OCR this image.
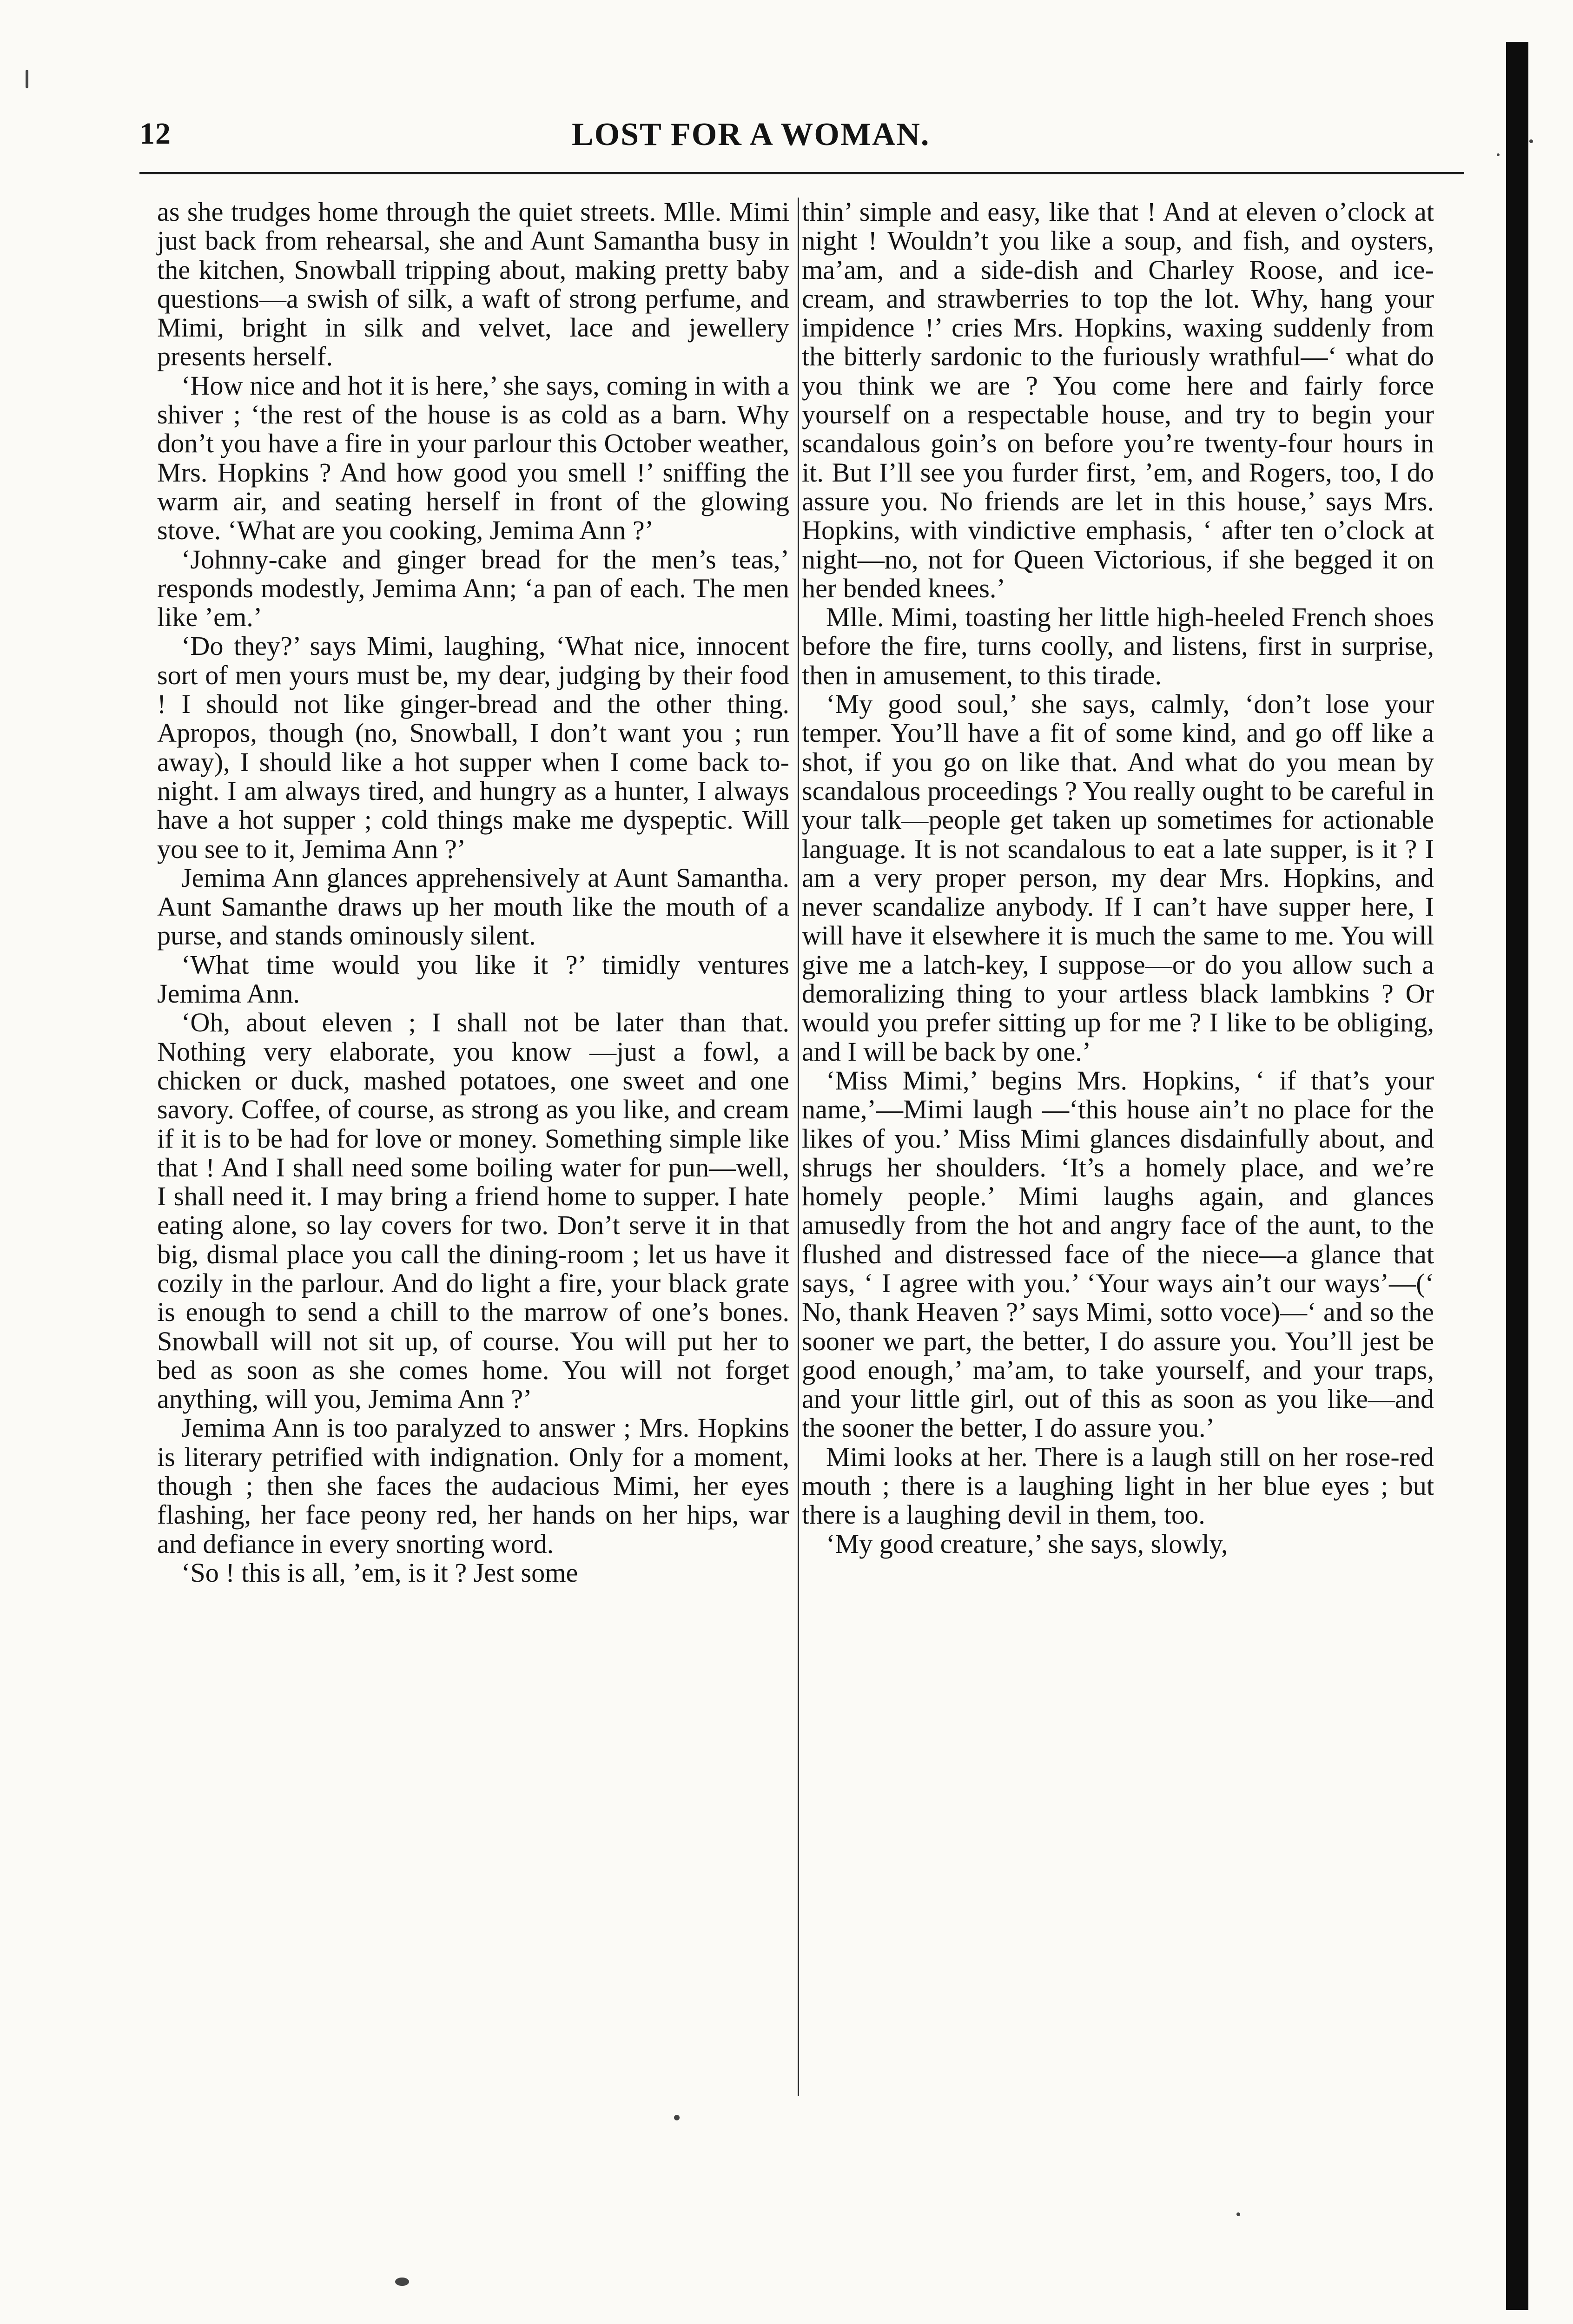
12	LOST FOR A WOMAN.

as she trudges home through the quiet streets. Mlle. Mimi just back from rehearsal, she and Aunt Samantha busy in the kitchen, Snowball tripping about, making pretty baby questions—a swish of silk, a waft of strong perfume, and Mimi, bright in silk and velvet, lace and jewellery presents herself.

‘How nice and hot it is here,’ she says, coming in with a shiver ; ‘the rest of the house is as cold as a barn. Why don’t you have a fire in your parlour this October weather, Mrs. Hopkins ? And how good you smell !’ sniffing the warm air, and seating herself in front of the glowing stove. ‘What are you cooking, Jemima Ann ?’

‘Johnny-cake and ginger bread for the men’s teas,’ responds modestly, Jemima Ann; ‘a pan of each. The men like ’em.’

‘Do they?’ says Mimi, laughing, ‘What nice, innocent sort of men yours must be, my dear, judging by their food ! I should not like ginger-bread and the other thing. Apropos, though (no, Snowball, I don’t want you ; run away), I should like a hot supper when I come back to-night. I am always tired, and hungry as a hunter, I always have a hot supper ; cold things make me dyspeptic. Will you see to it, Jemima Ann ?’

Jemima Ann glances apprehensively at Aunt Samantha. Aunt Samanthe draws up her mouth like the mouth of a purse, and stands ominously silent.

‘What time would you like it ?’ timidly ventures Jemima Ann.

‘Oh, about eleven ; I shall not be later than that. Nothing very elaborate, you know —just a fowl, a chicken or duck, mashed potatoes, one sweet and one savory. Coffee, of course, as strong as you like, and cream if it is to be had for love or money. Something simple like that ! And I shall need some boiling water for pun—well, I shall need it. I may bring a friend home to supper. I hate eating alone, so lay covers for two. Don’t serve it in that big, dismal place you call the dining-room ; let us have it cozily in the parlour. And do light a fire, your black grate is enough to send a chill to the marrow of one’s bones. Snowball will not sit up, of course. You will put her to bed as soon as she comes home. You will not forget anything, will you, Jemima Ann ?’

Jemima Ann is too paralyzed to answer ; Mrs. Hopkins is literary petrified with indignation. Only for a moment, though ; then she faces the audacious Mimi, her eyes flashing, her face peony red, her hands on her hips, war and defiance in every snorting word.

‘So ! this is all, ’em, is it ? Jest some

thin’ simple and easy, like that ! And at eleven o’clock at night ! Wouldn’t you like a soup, and fish, and oysters, ma’am, and a side-dish and Charley Roose, and ice-cream, and strawberries to top the lot. Why, hang your impidence !’ cries Mrs. Hopkins, waxing suddenly from the bitterly sardonic to the furiously wrathful—‘ what do you think we are ? You come here and fairly force yourself on a respectable house, and try to begin your scandalous goin’s on before you’re twenty-four hours in it. But I’ll see you furder first, ’em, and Rogers, too, I do assure you. No friends are let in this house,’ says Mrs. Hopkins, with vindictive emphasis, ‘ after ten o’clock at night—no, not for Queen Victorious, if she begged it on her bended knees.’

Mlle. Mimi, toasting her little high-heeled French shoes before the fire, turns coolly, and listens, first in surprise, then in amusement, to this tirade.

‘My good soul,’ she says, calmly, ‘don’t lose your temper. You’ll have a fit of some kind, and go off like a shot, if you go on like that. And what do you mean by scandalous proceedings ? You really ought to be careful in your talk—people get taken up sometimes for actionable language. It is not scandalous to eat a late supper, is it ? I am a very proper person, my dear Mrs. Hopkins, and never scandalize anybody. If I can’t have supper here, I will have it elsewhere it is much the same to me. You will give me a latch-key, I suppose—or do you allow such a demoralizing thing to your artless black lambkins ? Or would you prefer sitting up for me ? I like to be obliging, and I will be back by one.’

‘Miss Mimi,’ begins Mrs. Hopkins, ‘ if that’s your name,’—Mimi laugh —‘this house ain’t no place for the likes of you.’ Miss Mimi glances disdainfully about, and shrugs her shoulders. ‘It’s a homely place, and we’re homely people.’ Mimi laughs again, and glances amusedly from the hot and angry face of the aunt, to the flushed and distressed face of the niece—a glance that says, ‘ I agree with you.’ ‘Your ways ain’t our ways’—(‘ No, thank Heaven ?’ says Mimi, sotto voce)—‘ and so the sooner we part, the better, I do assure you. You’ll jest be good enough,’ ma’am, to take yourself, and your traps, and your little girl, out of this as soon as you like—and the sooner the better, I do assure you.’

Mimi looks at her. There is a laugh still on her rose-red mouth ; there is a laughing light in her blue eyes ; but there is a laughing devil in them, too.

‘My good creature,’ she says, slowly,
